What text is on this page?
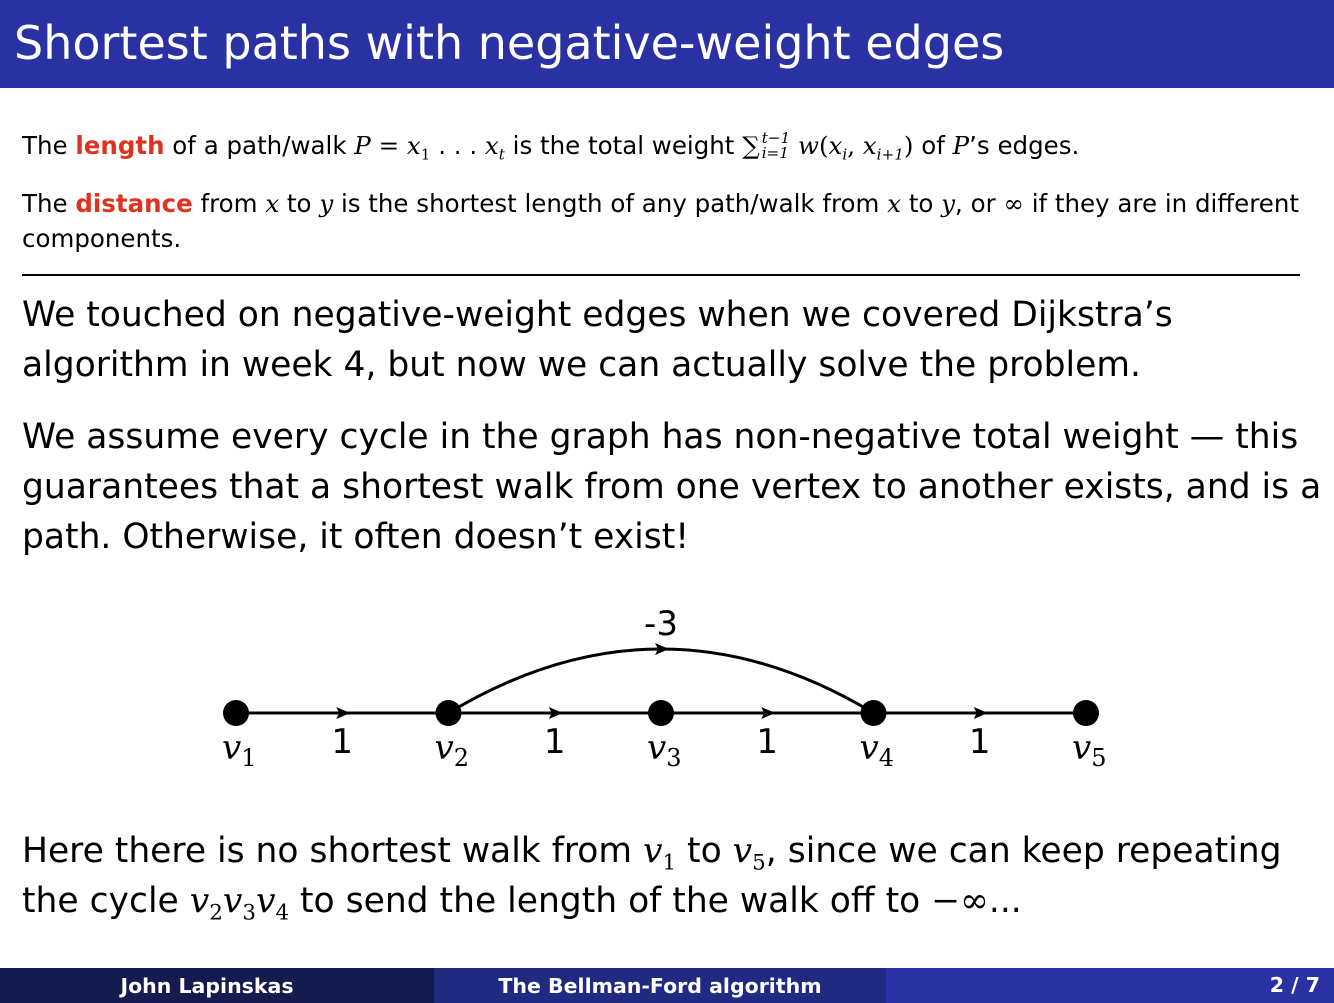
Shortest paths with negative-weight edges
The length of a path/walk $P = x_1$ . . . $x_t$ is the total weight ∑ t−1
i=1 $w(x_i$, $x_{i+1}$) of P’s edges.
The distance from x to y is the shortest length of any path/walk from x to y, or ∞ if they are in different components.

We touched on negative-weight edges when we covered Dijkstra’s algorithm in week 4, but now we can actually solve the problem.

We assume every cycle in the graph has non-negative total weight — this guarantees that a shortest walk from one vertex to another exists, and is a path. Otherwise, it often doesn’t exist!

1	1	1	1
-3
$v_1$	$v_2$	$v_3$	$v_4$	$v_5$

Here there is no shortest walk from $v_1$ to $v_5$, since we can keep repeating the cycle $v_2v_3v_4$ to send the length of the walk off to −∞...

John Lapinskas	The Bellman-Ford algorithm	2 / 7
